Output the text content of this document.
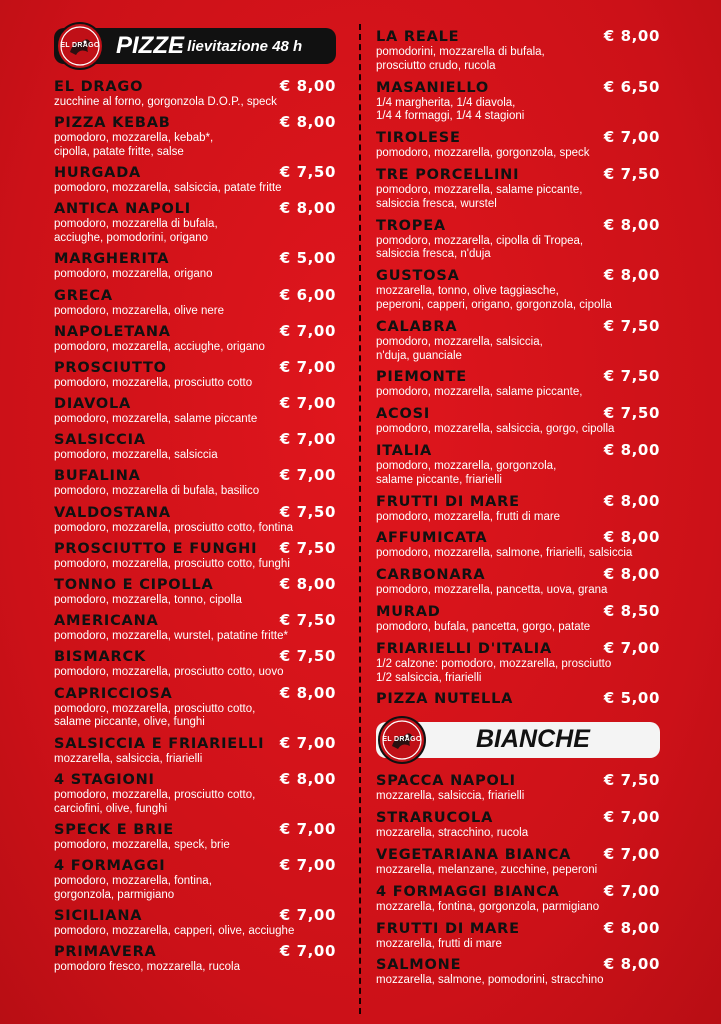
EL DRAGO PIZZE
- lievitazione 48 h
EL DRAGO	€ 8,00
zucchine al forno, gorgonzola D.O.P., speck
PIZZA KEBAB	€ 8,00
pomodoro, mozzarella, kebab*,
cipolla, patate fritte, salse
HURGADA	€ 7,50
pomodoro, mozzarella, salsiccia, patate fritte
ANTICA NAPOLI	€ 8,00
pomodoro, mozzarella di bufala,
acciughe, pomodorini, origano
MARGHERITA	€ 5,00
pomodoro, mozzarella, origano
GRECA	€ 6,00
pomodoro, mozzarella, olive nere
NAPOLETANA	€ 7,00
pomodoro, mozzarella, acciughe, origano
PROSCIUTTO	€ 7,00
pomodoro, mozzarella, prosciutto cotto
DIAVOLA	€ 7,00
pomodoro, mozzarella, salame piccante
SALSICCIA	€ 7,00
pomodoro, mozzarella, salsiccia
BUFALINA	€ 7,00
pomodoro, mozzarella di bufala, basilico
VALDOSTANA	€ 7,50
pomodoro, mozzarella, prosciutto cotto, fontina
PROSCIUTTO E FUNGHI € 7,50
pomodoro, mozzarella, prosciutto cotto, funghi
TONNO E CIPOLLA	€ 8,00
pomodoro, mozzarella, tonno, cipolla
AMERICANA	€ 7,50
pomodoro, mozzarella, wurstel, patatine fritte*
BISMARCK	€ 7,50
pomodoro, mozzarella, prosciutto cotto, uovo
CAPRICCIOSA	€ 8,00
pomodoro, mozzarella, prosciutto cotto,
salame piccante, olive, funghi
SALSICCIA E FRIARIELLI € 7,00
mozzarella, salsiccia, friarielli
4 STAGIONI	€ 8,00
pomodoro, mozzarella, prosciutto cotto,
carciofini, olive, funghi
SPECK E BRIE	€ 7,00
pomodoro, mozzarella, speck, brie
4 FORMAGGI	€ 7,00
pomodoro, mozzarella, fontina,
gorgonzola, parmigiano
SICILIANA	€ 7,00
pomodoro, mozzarella, capperi, olive, acciughe
PRIMAVERA	€ 7,00
pomodoro fresco, mozzarella, rucola
LA REALE	€ 8,00
pomodorini, mozzarella di bufala,
prosciutto crudo, rucola
MASANIELLO	€ 6,50
1/4 margherita, 1/4 diavola,
1/4 4 formaggi, 1/4 4 stagioni
TIROLESE	€ 7,00
pomodoro, mozzarella, gorgonzola, speck
TRE PORCELLINI	€ 7,50
pomodoro, mozzarella, salame piccante,
salsiccia fresca, wurstel
TROPEA	€ 8,00
pomodoro, mozzarella, cipolla di Tropea,
salsiccia fresca, n'duja
GUSTOSA	€ 8,00
mozzarella, tonno, olive taggiasche,
peperoni, capperi, origano, gorgonzola, cipolla
CALABRA	€ 7,50
pomodoro, mozzarella, salsiccia,
n'duja, guanciale
PIEMONTE	€ 7,50
pomodoro, mozzarella, salame piccante,
ACOSI	€ 7,50
pomodoro, mozzarella, salsiccia, gorgo, cipolla
ITALIA	€ 8,00
pomodoro, mozzarella, gorgonzola,
salame piccante, friarielli
FRUTTI DI MARE	€ 8,00
pomodoro, mozzarella, frutti di mare
AFFUMICATA	€ 8,00
pomodoro, mozzarella, salmone, friarielli, salsiccia
CARBONARA	€ 8,00
pomodoro, mozzarella, pancetta, uova, grana
MURAD	€ 8,50
pomodoro, bufala, pancetta, gorgo, patate
FRIARIELLI D'ITALIA	€ 7,00
1/2 calzone: pomodoro, mozzarella, prosciutto
1/2 salsiccia, friarielli
PIZZA NUTELLA	€ 5,00
EL DRAGO BIANCHE
SPACCA NAPOLI	€ 7,50
mozzarella, salsiccia, friarielli
STRARUCOLA	€ 7,00
mozzarella, stracchino, rucola
VEGETARIANA BIANCA € 7,00
mozzarella, melanzane, zucchine, peperoni
4 FORMAGGI BIANCA	€ 7,00
mozzarella, fontina, gorgonzola, parmigiano
FRUTTI DI MARE	€ 8,00
mozzarella, frutti di mare
SALMONE	€ 8,00
mozzarella, salmone, pomodorini, stracchino
